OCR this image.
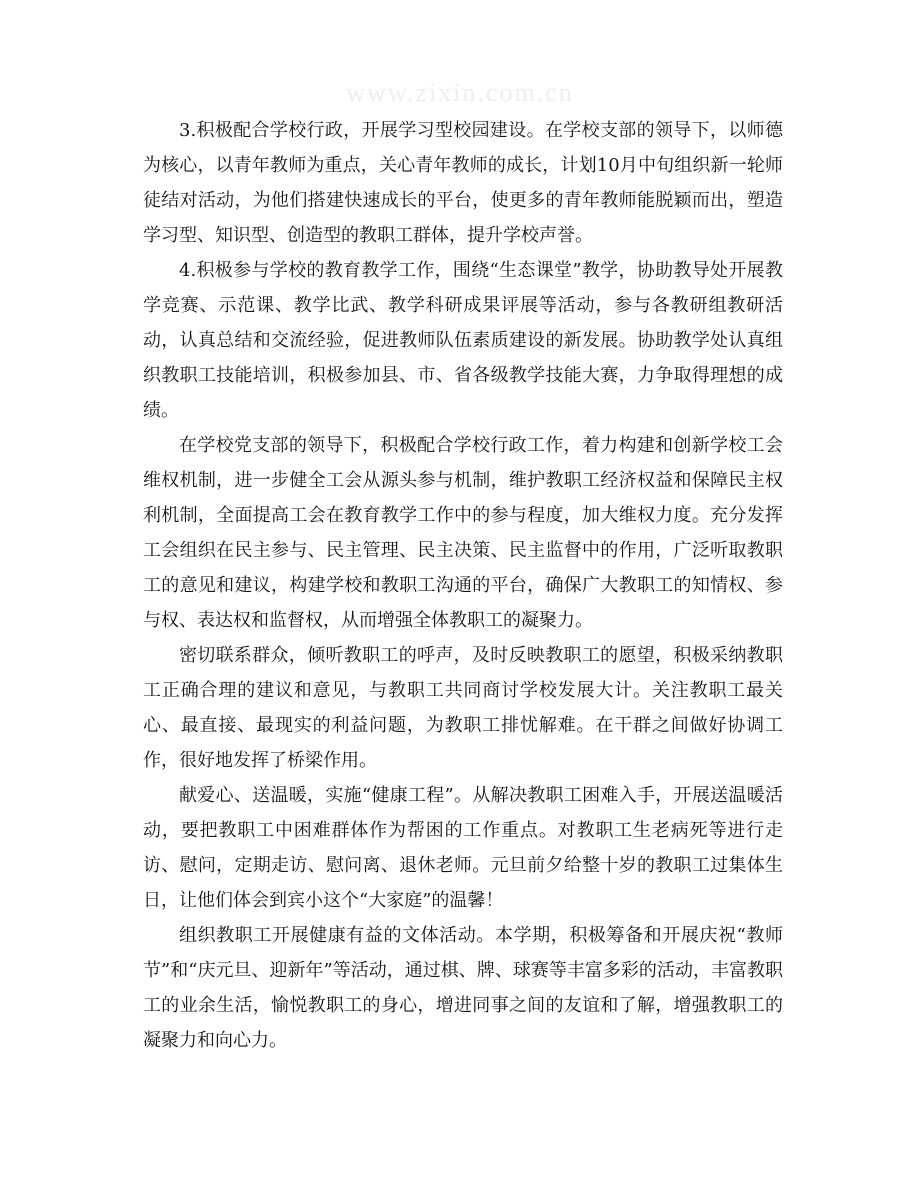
www.zixin.com.cn

3.积极配合学校行政，开展学习型校园建设。在学校支部的领导下，以师德为核心，以青年教师为重点，关心青年教师的成长，计划10月中旬组织新一轮师徒结对活动，为他们搭建快速成长的平台，使更多的青年教师能脱颖而出，塑造学习型、知识型、创造型的教职工群体，提升学校声誉。

4.积极参与学校的教育教学工作，围绕“生态课堂”教学，协助教导处开展教学竞赛、示范课、教学比武、教学科研成果评展等活动，参与各教研组教研活动，认真总结和交流经验，促进教师队伍素质建设的新发展。协助教学处认真组织教职工技能培训，积极参加县、市、省各级教学技能大赛，力争取得理想的成绩。

在学校党支部的领导下，积极配合学校行政工作，着力构建和创新学校工会维权机制，进一步健全工会从源头参与机制，维护教职工经济权益和保障民主权利机制，全面提高工会在教育教学工作中的参与程度，加大维权力度。充分发挥工会组织在民主参与、民主管理、民主决策、民主监督中的作用，广泛听取教职工的意见和建议，构建学校和教职工沟通的平台，确保广大教职工的知情权、参与权、表达权和监督权，从而增强全体教职工的凝聚力。

密切联系群众，倾听教职工的呼声，及时反映教职工的愿望，积极采纳教职工正确合理的建议和意见，与教职工共同商讨学校发展大计。关注教职工最关心、最直接、最现实的利益问题，为教职工排忧解难。在干群之间做好协调工作，很好地发挥了桥梁作用。

献爱心、送温暖，实施“健康工程”。从解决教职工困难入手，开展送温暖活动，要把教职工中困难群体作为帮困的工作重点。对教职工生老病死等进行走访、慰问，定期走访、慰问离、退休老师。元旦前夕给整十岁的教职工过集体生日，让他们体会到宾小这个“大家庭”的温馨！

组织教职工开展健康有益的文体活动。本学期，积极筹备和开展庆祝“教师节”和“庆元旦、迎新年”等活动，通过棋、牌、球赛等丰富多彩的活动，丰富教职工的业余生活，愉悦教职工的身心，增进同事之间的友谊和了解，增强教职工的凝聚力和向心力。
